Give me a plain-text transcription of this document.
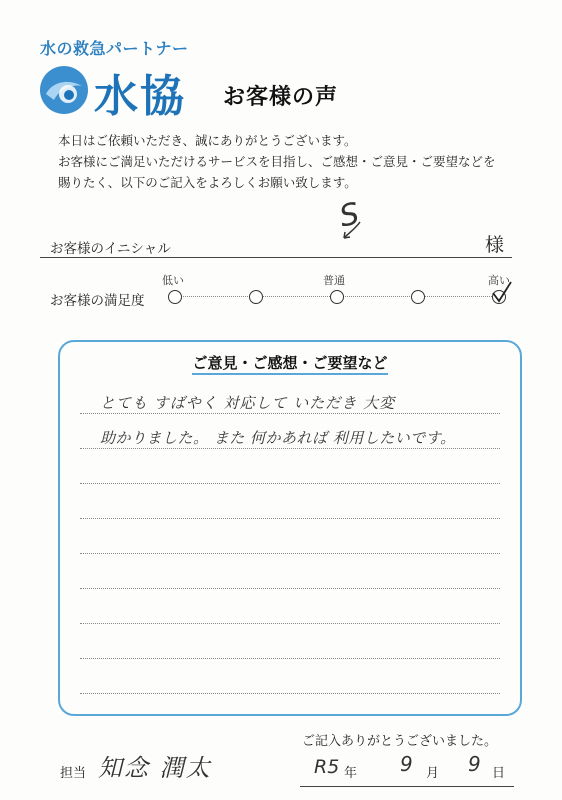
水の救急パートナー
水協 お客様の声
本日はご依頼いただき、誠にありがとうございます。
お客様にご満足いただけるサービスを目指し、ご感想・ご意見・ご要望などを
賜りたく、以下のご記入をよろしくお願い致します。
お客様のイニシャル
S
様
お客様の満足度
低い	普通	高い
ご意見・ご感想・ご要望など
とても すばやく 対応して いただき 大変
助かりました。 また 何かあれば 利用したいです。
ご記入ありがとうございました。
担当 知念 潤太	R5 年 9 月 9 日
